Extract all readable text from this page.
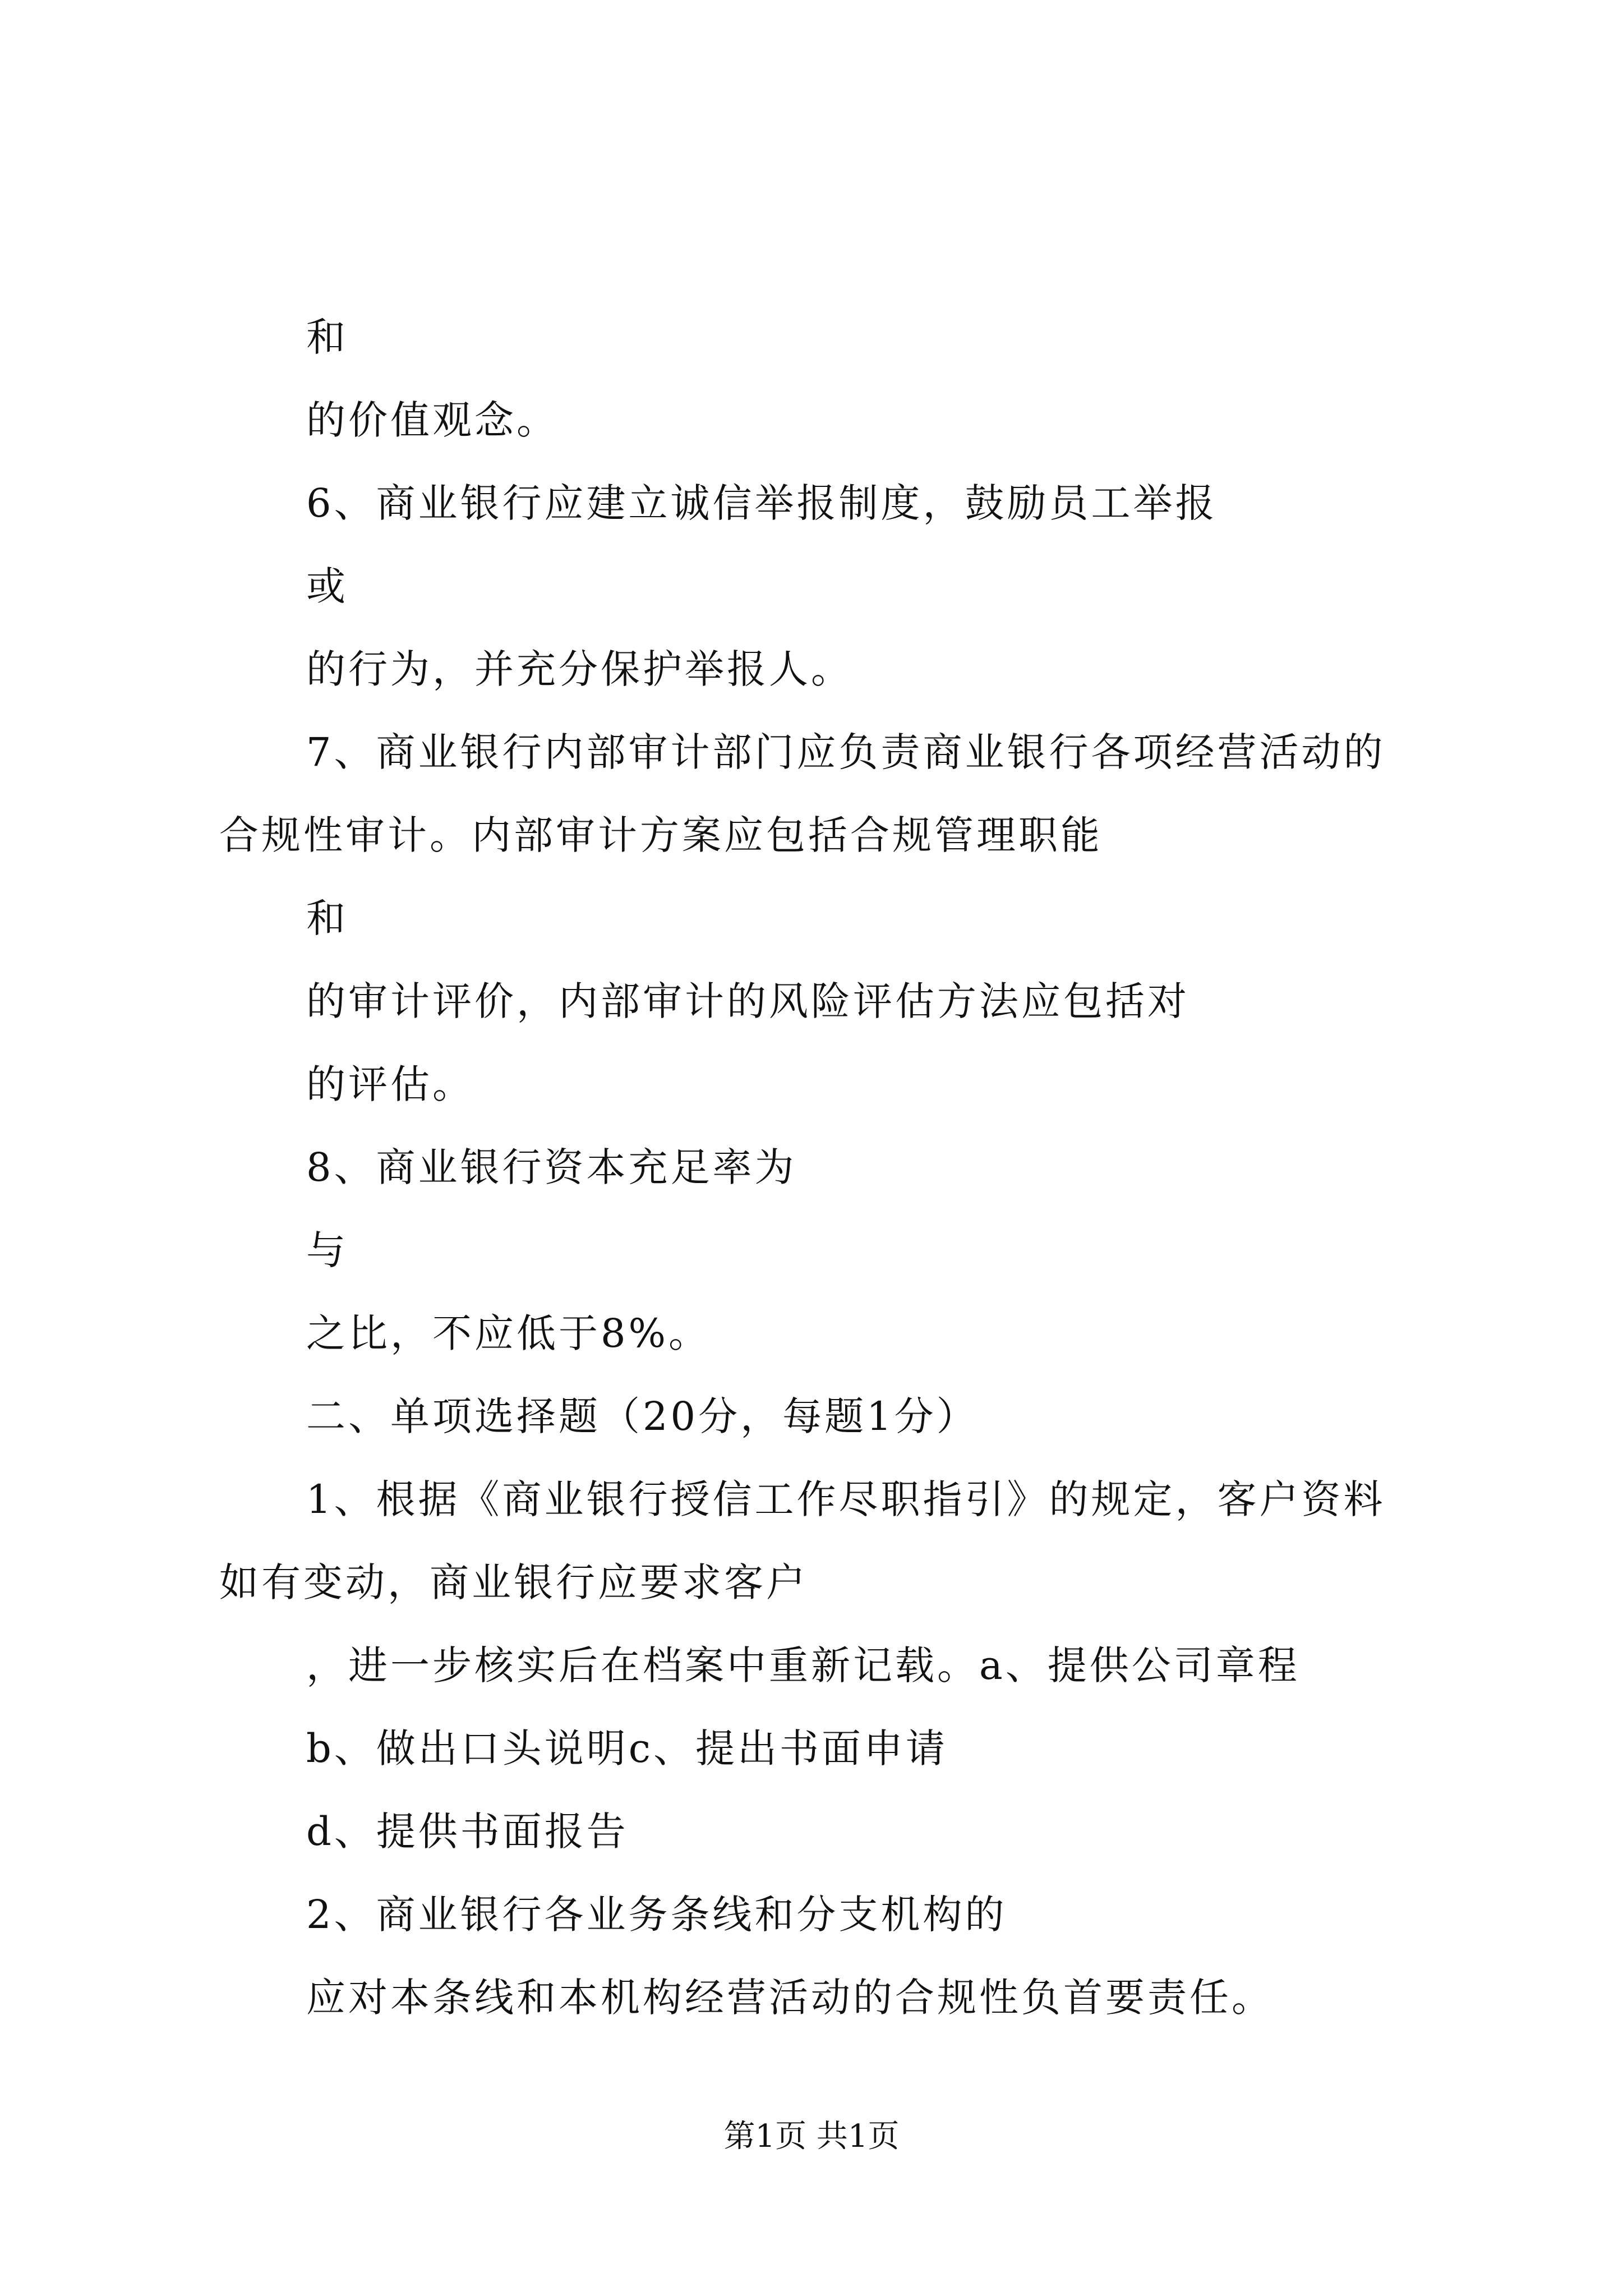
和
的价值观念。
6、商业银行应建立诚信举报制度，鼓励员工举报
或
的行为，并充分保护举报人。
7、商业银行内部审计部门应负责商业银行各项经营活动的
合规性审计。内部审计方案应包括合规管理职能
和
的审计评价，内部审计的风险评估方法应包括对
的评估。
8、商业银行资本充足率为
与
之比，不应低于8%。
二、单项选择题（20分，每题1分）
1、根据《商业银行授信工作尽职指引》的规定，客户资料
如有变动，商业银行应要求客户
，进一步核实后在档案中重新记载。a、提供公司章程
b、做出口头说明c、提出书面申请
d、提供书面报告
2、商业银行各业务条线和分支机构的
应对本条线和本机构经营活动的合规性负首要责任。
第1页 共1页
